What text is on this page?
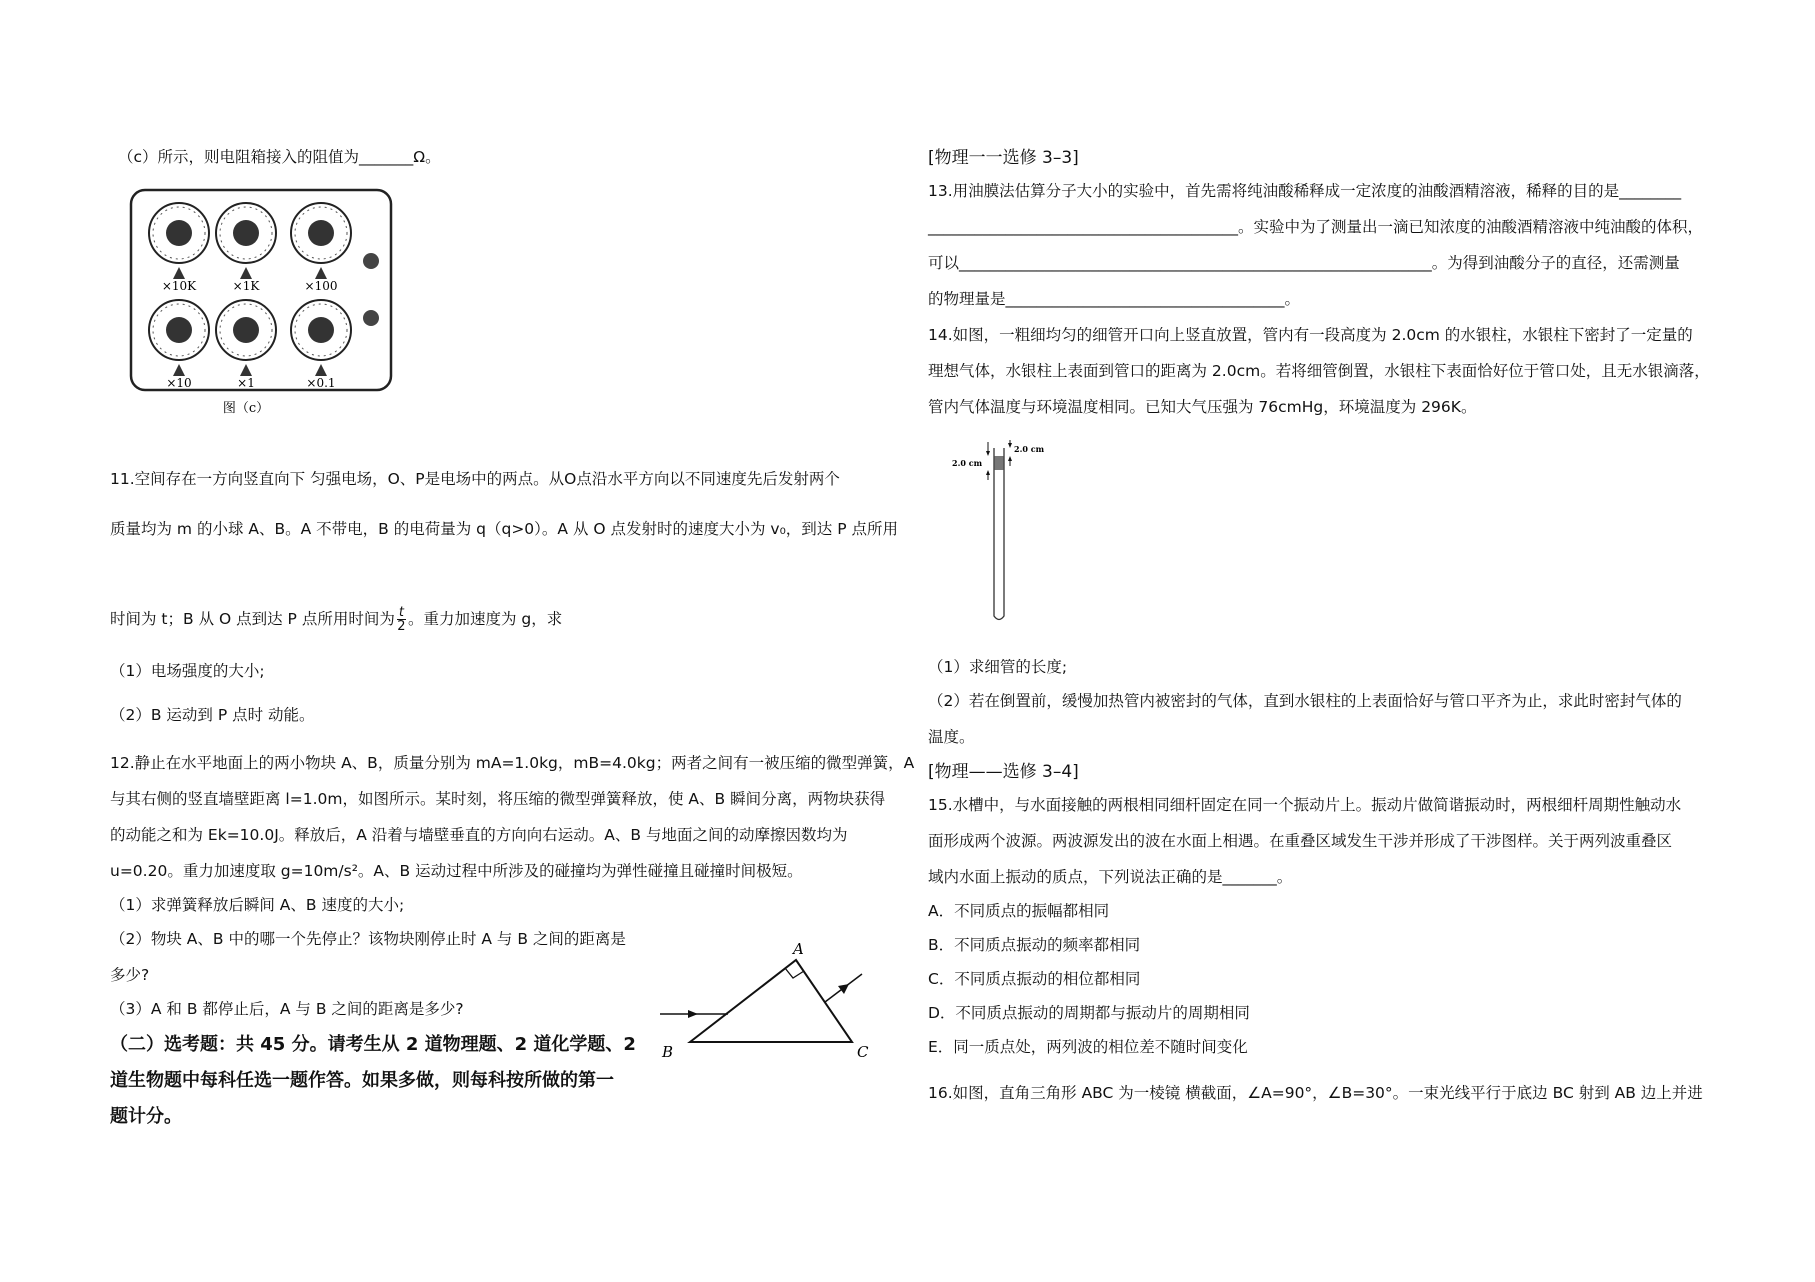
（c）所示，则电阻箱接入的阻值为_______Ω。
×10K	×1K	×100
×10	×1	×0.1
图（c）
11.空间存在一方向竖直向下 匀强电场，O、P是电场中的两点。从O点沿水平方向以不同速度先后发射两个
质量均为 m 的小球 A、B。A 不带电，B 的电荷量为 q（q>0）。A 从 O 点发射时的速度大小为 v₀，到达 P 点所用
时间为 t；B 从 O 点到达 P 点所用时间为 $\frac{t}{2}$ 。重力加速度为 g，求
（1）电场强度的大小;
（2）B 运动到 P 点时 动能。
12.静止在水平地面上的两小物块 A、B，质量分别为 mA=1.0kg，mB=4.0kg；两者之间有一被压缩的微型弹簧，A
与其右侧的竖直墙壁距离 l=1.0m，如图所示。某时刻，将压缩的微型弹簧释放，使 A、B 瞬间分离，两物块获得
的动能之和为 Ek=10.0J。释放后，A 沿着与墙壁垂直的方向向右运动。A、B 与地面之间的动摩擦因数均为
u=0.20。重力加速度取 g=10m/s²。A、B 运动过程中所涉及的碰撞均为弹性碰撞且碰撞时间极短。
（1）求弹簧释放后瞬间 A、B 速度的大小;
（2）物块 A、B 中的哪一个先停止？该物块刚停止时 A 与 B 之间的距离是
多少?
（3）A 和 B 都停止后，A 与 B 之间的距离是多少?
（二）选考题：共 45 分。请考生从 2 道物理题、2 道化学题、2
道生物题中每科任选一题作答。如果多做，则每科按所做的第一
题计分。
A
B	C
[物理一一选修 3–3]
13.用油膜法估算分子大小的实验中，首先需将纯油酸稀释成一定浓度的油酸酒精溶液，稀释的目的是________
________________________________________。实验中为了测量出一滴已知浓度的油酸酒精溶液中纯油酸的体积，
可以_____________________________________________________________。为得到油酸分子的直径，还需测量
的物理量是____________________________________。
14.如图，一粗细均匀的细管开口向上竖直放置，管内有一段高度为 2.0cm 的水银柱，水银柱下密封了一定量的
理想气体，水银柱上表面到管口的距离为 2.0cm。若将细管倒置，水银柱下表面恰好位于管口处，且无水银滴落，
管内气体温度与环境温度相同。已知大气压强为 76cmHg，环境温度为 296K。
2.0 cm
2.0 cm
（1）求细管的长度;
（2）若在倒置前，缓慢加热管内被密封的气体，直到水银柱的上表面恰好与管口平齐为止，求此时密封气体的
温度。
[物理——选修 3–4]
15.水槽中，与水面接触的两根相同细杆固定在同一个振动片上。振动片做简谐振动时，两根细杆周期性触动水
面形成两个波源。两波源发出的波在水面上相遇。在重叠区域发生干涉并形成了干涉图样。关于两列波重叠区
域内水面上振动的质点，下列说法正确的是_______。
A．不同质点的振幅都相同
B．不同质点振动的频率都相同
C．不同质点振动的相位都相同
D．不同质点振动的周期都与振动片的周期相同
E．同一质点处，两列波的相位差不随时间变化
16.如图，直角三角形 ABC 为一棱镜 横截面，∠A=90°，∠B=30°。一束光线平行于底边 BC 射到 AB 边上并进
